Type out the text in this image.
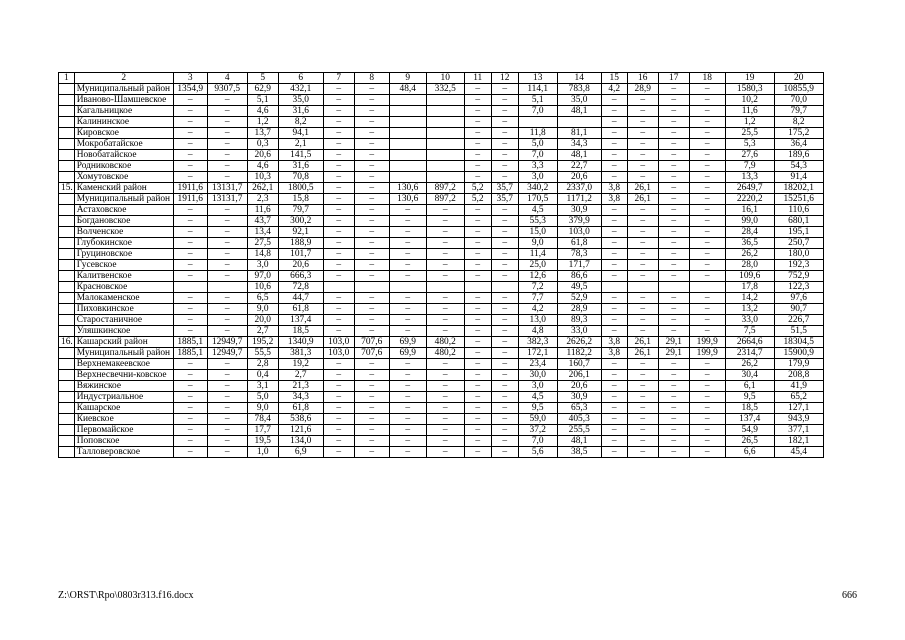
1	2	3	4	5	6	7	8	9	10	11	12	13	14	15	16	17	18	19	20
	Муниципальный район	1354,9	9307,5	62,9	432,1	–	–	48,4	332,5	–	–	114,1	783,8	4,2	28,9	–	–	1580,3	10855,9
	Иваново-Шамшевское	–	–	5,1	35,0	–	–			–	–	5,1	35,0	–	–	–	–	10,2	70,0
	Кагальницкое	–	–	4,6	31,6	–	–			–	–	7,0	48,1	–	–	–	–	11,6	79,7
	Калининское	–	–	1,2	8,2	–	–			–	–			–	–	–	–	1,2	8,2
	Кировское	–	–	13,7	94,1	–	–			–	–	11,8	81,1	–	–	–	–	25,5	175,2
	Мокробатайское	–	–	0,3	2,1	–	–			–	–	5,0	34,3	–	–	–	–	5,3	36,4
	Новобатайское	–	–	20,6	141,5	–	–			–	–	7,0	48,1	–	–	–	–	27,6	189,6
	Родниковское	–	–	4,6	31,6	–	–			–	–	3,3	22,7	–	–	–	–	7,9	54,3
	Хомутовское	–	–	10,3	70,8	–	–			–	–	3,0	20,6	–	–	–	–	13,3	91,4
15.	Каменский район	1911,6	13131,7	262,1	1800,5	–	–	130,6	897,2	5,2	35,7	340,2	2337,0	3,8	26,1	–	–	2649,7	18202,1
	Муниципальный район	1911,6	13131,7	2,3	15,8	–	–	130,6	897,2	5,2	35,7	170,5	1171,2	3,8	26,1	–	–	2220,2	15251,6
	Астаховское	–	–	11,6	79,7	–	–	–	–	–	–	4,5	30,9	–	–	–	–	16,1	110,6
	Богдановское	–	–	43,7	300,2	–	–	–	–	–	–	55,3	379,9	–	–	–	–	99,0	680,1
	Волченское	–	–	13,4	92,1	–	–	–	–	–	–	15,0	103,0	–	–	–	–	28,4	195,1
	Глубокинское	–	–	27,5	188,9	–	–	–	–	–	–	9,0	61,8	–	–	–	–	36,5	250,7
	Груциновское	–	–	14,8	101,7	–	–	–	–	–	–	11,4	78,3	–	–	–	–	26,2	180,0
	Гусевское	–	–	3,0	20,6	–	–	–	–	–	–	25,0	171,7	–	–	–	–	28,0	192,3
	Калитвенское	–	–	97,0	666,3	–	–	–	–	–	–	12,6	86,6	–	–	–	–	109,6	752,9
	Красновское			10,6	72,8							7,2	49,5					17,8	122,3
	Малокаменское	–	–	6,5	44,7	–	–	–	–	–	–	7,7	52,9	–	–	–	–	14,2	97,6
	Пиховкинское	–	–	9,0	61,8	–	–	–	–	–	–	4,2	28,9	–	–	–	–	13,2	90,7
	Старостаничное	–	–	20,0	137,4	–	–	–	–	–	–	13,0	89,3	–	–	–	–	33,0	226,7
	Уляшкинское	–	–	2,7	18,5	–	–	–	–	–	–	4,8	33,0	–	–	–	–	7,5	51,5
16.	Кашарский район	1885,1	12949,7	195,2	1340,9	103,0	707,6	69,9	480,2	–	–	382,3	2626,2	3,8	26,1	29,1	199,9	2664,6	18304,5
	Муниципальный район	1885,1	12949,7	55,5	381,3	103,0	707,6	69,9	480,2	–	–	172,1	1182,2	3,8	26,1	29,1	199,9	2314,7	15900,9
	Верхнемакеевское	–	–	2,8	19,2	–	–	–	–	–	–	23,4	160,7	–	–	–	–	26,2	179,9
	Верхнесвечни-ковское	–	–	0,4	2,7	–	–	–	–	–	–	30,0	206,1	–	–	–	–	30,4	208,8
	Вяжинское	–	–	3,1	21,3	–	–	–	–	–	–	3,0	20,6	–	–	–	–	6,1	41,9
	Индустриальное	–	–	5,0	34,3	–	–	–	–	–	–	4,5	30,9	–	–	–	–	9,5	65,2
	Кашарское	–	–	9,0	61,8	–	–	–	–	–	–	9,5	65,3	–	–	–	–	18,5	127,1
	Киевское	–	–	78,4	538,6	–	–	–	–	–	–	59,0	405,3	–	–	–	–	137,4	943,9
	Первомайское	–	–	17,7	121,6	–	–	–	–	–	–	37,2	255,5	–	–	–	–	54,9	377,1
	Поповское	–	–	19,5	134,0	–	–	–	–	–	–	7,0	48,1	–	–	–	–	26,5	182,1
	Талловеровское	–	–	1,0	6,9	–	–	–	–	–	–	5,6	38,5	–	–	–	–	6,6	45,4
Z:\ORST\Rpo\0803r313.f16.docx	666
